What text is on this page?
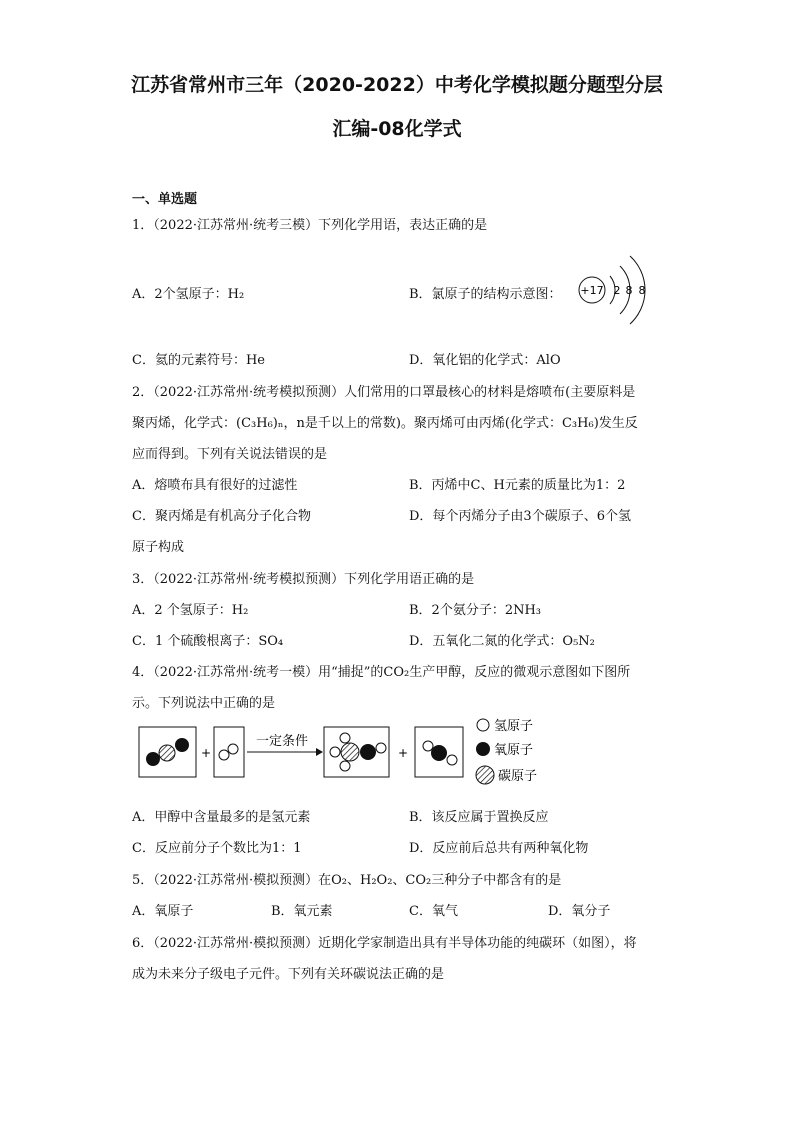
江苏省常州市三年（2020-2022）中考化学模拟题分题型分层
汇编-08化学式
一、单选题
1．（2022·江苏常州·统考三模）下列化学用语，表达正确的是
A．2个氢原子：H₂	B．氯原子的结构示意图： +17 2 8 8
C．氦的元素符号：He	D．氧化铝的化学式：AlO
2．（2022·江苏常州·统考模拟预测）人们常用的口罩最核心的材料是熔喷布(主要原料是
聚丙烯，化学式：(C₃H₆)ₙ，n是千以上的常数)。聚丙烯可由丙烯(化学式：C₃H₆)发生反
应而得到。下列有关说法错误的是
A．熔喷布具有很好的过滤性	B．丙烯中C、H元素的质量比为1：2
C．聚丙烯是有机高分子化合物	D．每个丙烯分子由3个碳原子、6个氢
原子构成
3．（2022·江苏常州·统考模拟预测）下列化学用语正确的是
A．2 个氢原子：H₂	B．2个氨分子：2NH₃
C．1 个硫酸根离子：SO₄	D．五氧化二氮的化学式：O₅N₂
4．（2022·江苏常州·统考一模）用“捕捉”的CO₂生产甲醇，反应的微观示意图如下图所
示。下列说法中正确的是
+
一定条件
+
氢原子
氧原子
碳原子
A．甲醇中含量最多的是氢元素	B．该反应属于置换反应
C．反应前分子个数比为1：1	D．反应前后总共有两种氧化物
5．（2022·江苏常州·模拟预测）在O₂、H₂O₂、CO₂三种分子中都含有的是
A．氧原子	B．氧元素	C．氧气	D．氧分子
6．（2022·江苏常州·模拟预测）近期化学家制造出具有半导体功能的纯碳环（如图），将
成为未来分子级电子元件。下列有关环碳说法正确的是
